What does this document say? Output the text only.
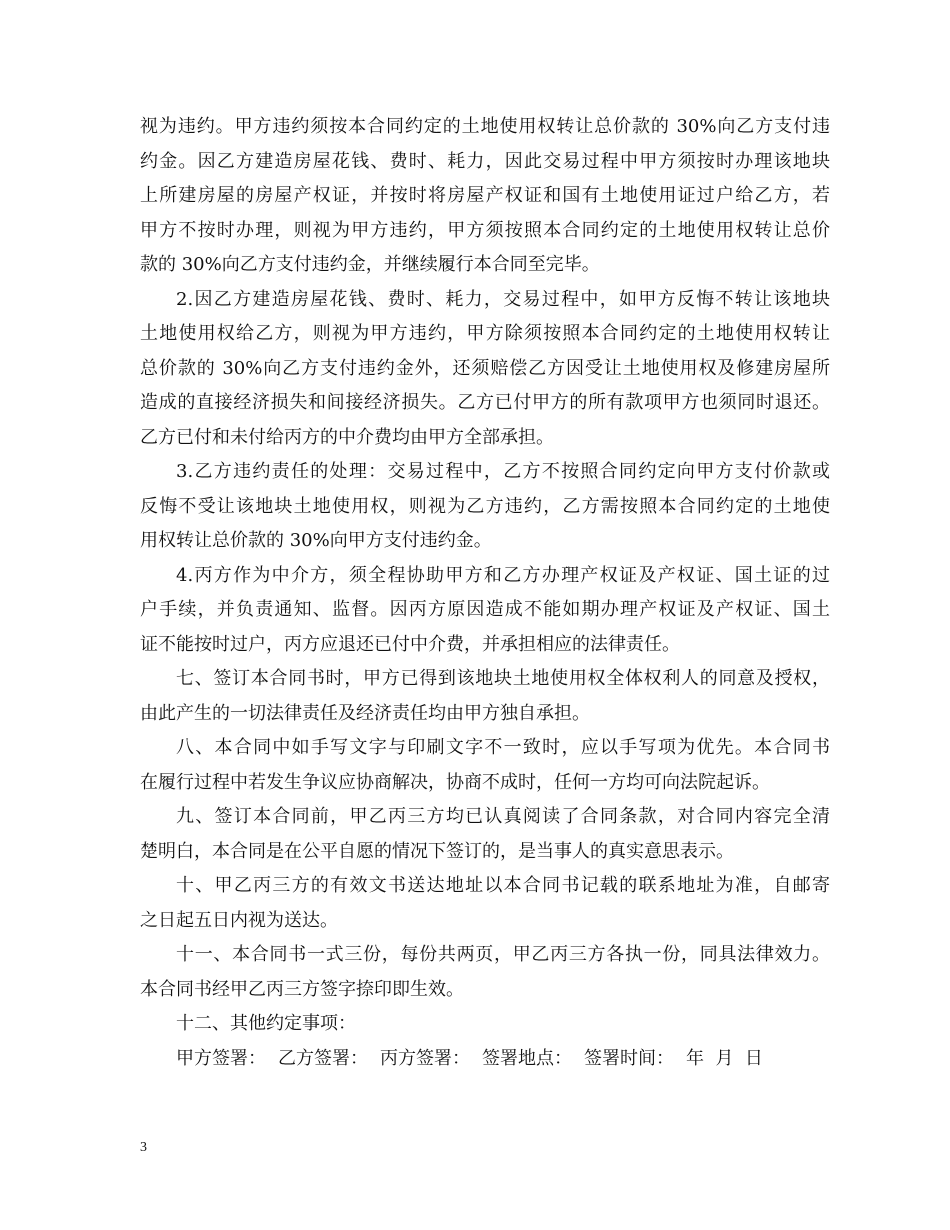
视为违约。甲方违约须按本合同约定的土地使用权转让总价款的 30%向乙方支付违
约金。因乙方建造房屋花钱、费时、耗力，因此交易过程中甲方须按时办理该地块
上所建房屋的房屋产权证，并按时将房屋产权证和国有土地使用证过户给乙方，若
甲方不按时办理，则视为甲方违约，甲方须按照本合同约定的土地使用权转让总价
款的 30%向乙方支付违约金，并继续履行本合同至完毕。
2.因乙方建造房屋花钱、费时、耗力，交易过程中，如甲方反悔不转让该地块
土地使用权给乙方，则视为甲方违约，甲方除须按照本合同约定的土地使用权转让
总价款的 30%向乙方支付违约金外，还须赔偿乙方因受让土地使用权及修建房屋所
造成的直接经济损失和间接经济损失。乙方已付甲方的所有款项甲方也须同时退还。
乙方已付和未付给丙方的中介费均由甲方全部承担。
3.乙方违约责任的处理：交易过程中，乙方不按照合同约定向甲方支付价款或
反悔不受让该地块土地使用权，则视为乙方违约，乙方需按照本合同约定的土地使
用权转让总价款的 30%向甲方支付违约金。
4.丙方作为中介方，须全程协助甲方和乙方办理产权证及产权证、国土证的过
户手续，并负责通知、监督。因丙方原因造成不能如期办理产权证及产权证、国土
证不能按时过户，丙方应退还已付中介费，并承担相应的法律责任。
七、签订本合同书时，甲方已得到该地块土地使用权全体权利人的同意及授权，
由此产生的一切法律责任及经济责任均由甲方独自承担。
八、本合同中如手写文字与印刷文字不一致时，应以手写项为优先。本合同书
在履行过程中若发生争议应协商解决，协商不成时，任何一方均可向法院起诉。
九、签订本合同前，甲乙丙三方均已认真阅读了合同条款，对合同内容完全清
楚明白，本合同是在公平自愿的情况下签订的，是当事人的真实意思表示。
十、甲乙丙三方的有效文书送达地址以本合同书记载的联系地址为准，自邮寄
之日起五日内视为送达。
十一、本合同书一式三份，每份共两页，甲乙丙三方各执一份，同具法律效力。
本合同书经甲乙丙三方签字捺印即生效。
十二、其他约定事项：
甲方签署： 乙方签署： 丙方签署： 签署地点： 签署时间： 年  月  日
3
